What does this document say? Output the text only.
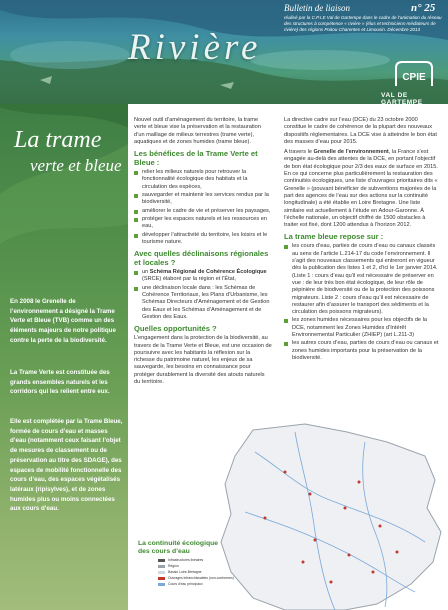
Bulletin de liaison	n° 25
réalisé par la C.P.I.E Val de Gartempe dans le cadre de l’animation du réseau des structures à compétence « rivière » (élus et techniciens-médiateurs de rivière) des régions Poitou-Charentes et Limousin. Décembre 2013
Rivière
CPIE
VAL DE GARTEMPE
La trame
verte et bleue

En 2008 le Grenelle de l’environnement a désigné la Trame Verte et Bleue (TVB) comme un des éléments majeurs de notre politique contre la perte de la biodiversité.

La Trame Verte est constituée des grands ensembles naturels et les corridors qui les relient entre eux.

Elle est complétée par la Trame Bleue, formée de cours d’eau et masses d’eau (notamment ceux faisant l’objet de mesures de classement ou de préservation au titre des SDAGE), des espaces de mobilité fonctionnelle des cours d’eau, des espaces végétalisés latéraux (ripisylves), et de zones humides plus ou moins connectées aux cours d’eau.

Nouvel outil d’aménagement du territoire, la trame verte et bleue vise la préservation et la restauration d’un maillage de milieux terrestres (trame verte), aquatiques et de zones humides (trame bleue).

Les bénéfices de la Trame Verte et Bleue :
relier les milieux naturels pour retrouver la fonctionnalité écologique des habitats et la circulation des espèces,
sauvegarder et maintenir les services rendus par la biodiversité,
améliorer le cadre de vie et préserver les paysages,
protéger les espaces naturels et les ressources en eau,
développer l’attractivité du territoire, les loisirs et le tourisme nature.
Avec quelles déclinaisons régionales et locales ?
un Schéma Régional de Cohérence Écologique (SRCE) élaboré par la région et l’État,
une déclinaison locale dans : les Schémas de Cohérence Territoriaux, les Plans d’Urbanisme, les Schémas Directeurs d’Aménagement et de Gestion des Eaux et les Schémas d’Aménagement et de Gestion des Eaux.
Quelles opportunités ?

L’engagement dans la protection de la biodiversité, au travers de la Trame Verte et Bleue, est une occasion de poursuivre avec les habitants la réflexion sur la richesse du patrimoine naturel, les enjeux de sa sauvegarde, les besoins en connaissance pour protéger durablement la diversité des atouts naturels du territoire.

La directive cadre sur l’eau (DCE) du 23 octobre 2000 constitue le cadre de cohérence de la plupart des nouveaux dispositifs réglementaires. La DCE vise à atteindre le bon état des masses d’eau pour 2015.

A travers le Grenelle de l’environnement, la France s’est engagée au-delà des attentes de la DCE, en portant l’objectif de bon état écologique pour 2/3 des eaux de surface en 2015. En ce qui concerne plus particulièrement la restauration des continuités écologiques, une liste d’ouvrages prioritaires dits « Grenelle » (pouvant bénéficier de subventions majorées de la part des agences de l’eau sur des actions sur la continuité longitudinale) a été établie en Loire Bretagne. Une liste similaire est actuellement à l’étude en Adour-Garonne. À l’échelle nationale, un objectif chiffré de 1500 obstacles à traiter est fixé, dont 1200 attendus à l’horizon 2012.

La trame bleue repose sur :
les cours d’eau, parties de cours d’eau ou canaux classés au sens de l’article L.214-17 du code l’environnement. Il s’agit des nouveaux classements qui entreront en vigueur dès la publication des listes 1 et 2, d’ici le 1er janvier 2014. (Liste 1 : cours d’eau qu’il est nécessaire de préserver en vue : de leur très bon état écologique, de leur rôle de pépinière de biodiversité ou de la protection des poissons migrateurs. Liste 2 : cours d’eau qu’il est nécessaire de restaurer afin d’assurer le transport des sédiments et la circulation des poissons migrateurs).
les zones humides nécessaires pour les objectifs de la DCE, notamment les Zones Humides d’Intérêt Environnemental Particulier (ZHIEP) (art L.211-3)
les autres cours d’eau, parties de cours d’eau ou canaux et zones humides importants pour la préservation de la biodiversité.
La continuité écologique
des cours d’eau
Infrastructures linéaires
Région
Bassin Loire-Bretagne
Ouvrages infranchissables (non-conformes)
Cours d’eau principaux
